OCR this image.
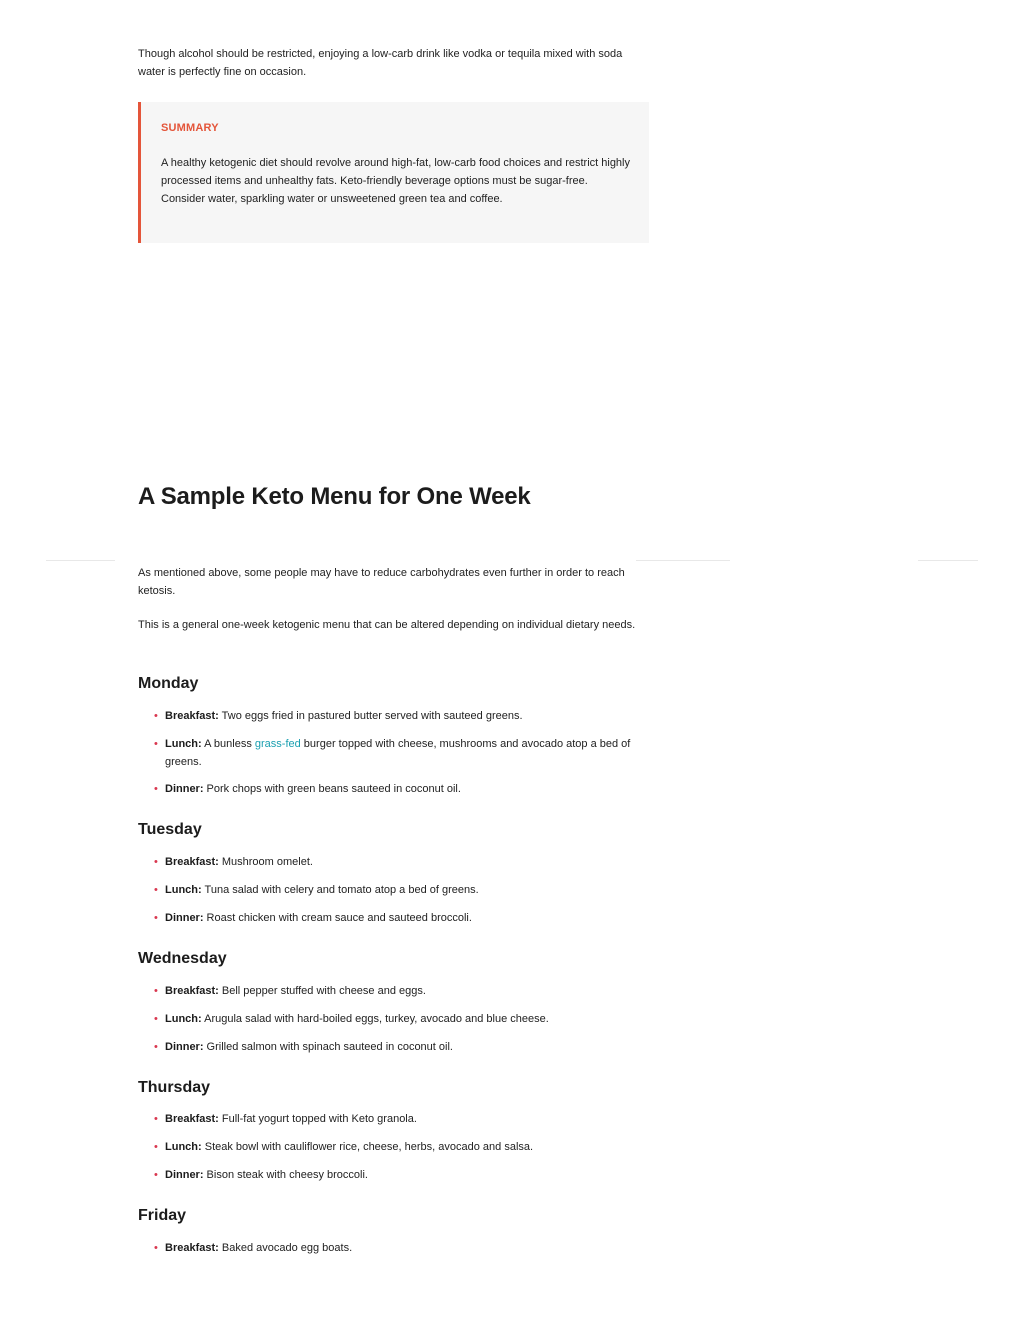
Though alcohol should be restricted, enjoying a low-carb drink like vodka or tequila mixed with soda water is perfectly fine on occasion.

SUMMARY

A healthy ketogenic diet should revolve around high-fat, low-carb food choices and restrict highly processed items and unhealthy fats. Keto-friendly beverage options must be sugar-free. Consider water, sparkling water or unsweetened green tea and coffee.

A Sample Keto Menu for One Week

As mentioned above, some people may have to reduce carbohydrates even further in order to reach ketosis.

This is a general one-week ketogenic menu that can be altered depending on individual dietary needs.

Monday

• Breakfast: Two eggs fried in pastured butter served with sauteed greens.

• Lunch: A bunless grass-fed burger topped with cheese, mushrooms and avocado atop a bed of greens.

• Dinner: Pork chops with green beans sauteed in coconut oil.

Tuesday

• Breakfast: Mushroom omelet.

• Lunch: Tuna salad with celery and tomato atop a bed of greens.

• Dinner: Roast chicken with cream sauce and sauteed broccoli.

Wednesday

• Breakfast: Bell pepper stuffed with cheese and eggs.

• Lunch: Arugula salad with hard-boiled eggs, turkey, avocado and blue cheese.

• Dinner: Grilled salmon with spinach sauteed in coconut oil.

Thursday

• Breakfast: Full-fat yogurt topped with Keto granola.

• Lunch: Steak bowl with cauliflower rice, cheese, herbs, avocado and salsa.

• Dinner: Bison steak with cheesy broccoli.

Friday

• Breakfast: Baked avocado egg boats.
